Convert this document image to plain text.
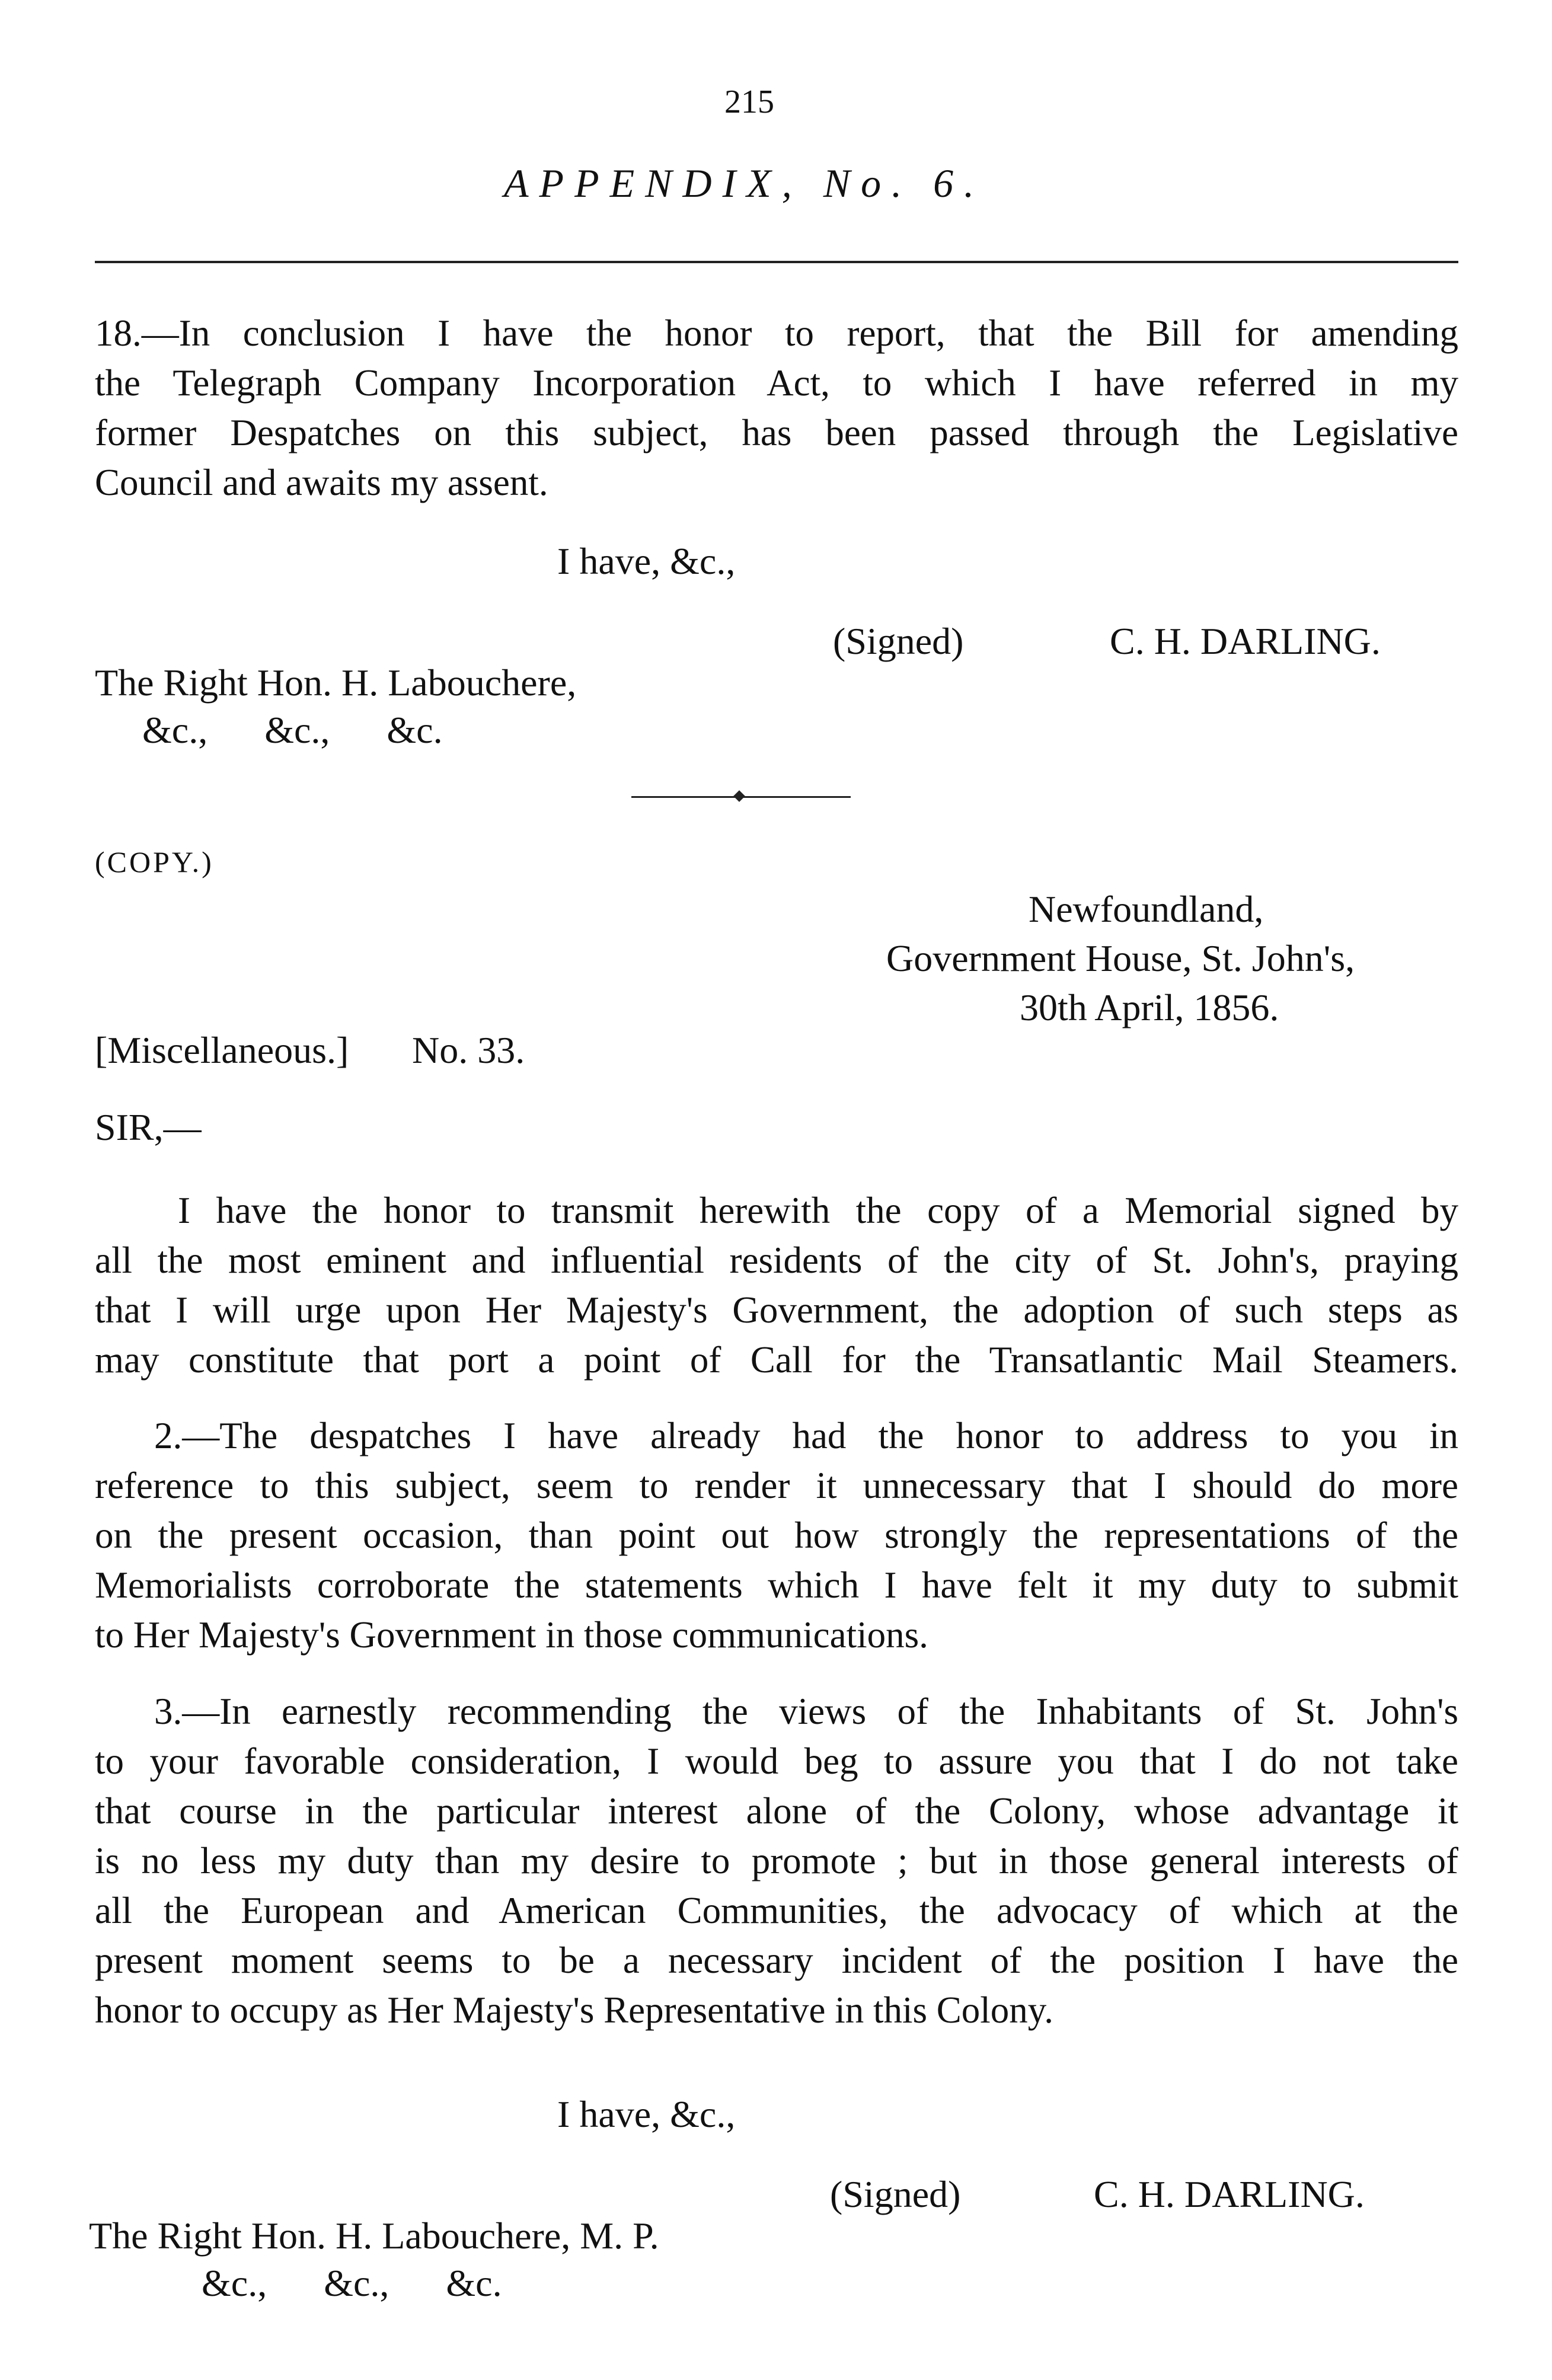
215
APPENDIX, No. 6.
18.—In conclusion I have the honor to report, that the Bill for amending
the Telegraph Company Incorporation Act, to which I have referred in my
former Despatches on this subject, has been passed through the Legislative
Council and awaits my assent.
I have, &c.,
(Signed)	C. H. DARLING.
The Right Hon. H. Labouchere,
&c.,      &c.,      &c.
(COPY.)
Newfoundland,
Government House, St. John's,
30th April, 1856.
[Miscellaneous.] No. 33.
SIR,—
I have the honor to transmit herewith the copy of a Memorial signed by
all the most eminent and influential residents of the city of St. John's, praying
that I will urge upon Her Majesty's Government, the adoption of such steps as
may constitute that port a point of Call for the Transatlantic Mail Steamers.
2.—The despatches I have already had the honor to address to you in
reference to this subject, seem to render it unnecessary that I should do more
on the present occasion, than point out how strongly the representations of the
Memorialists corroborate the statements which I have felt it my duty to submit
to Her Majesty's Government in those communications.
3.—In earnestly recommending the views of the Inhabitants of St. John's
to your favorable consideration, I would beg to assure you that I do not take
that course in the particular interest alone of the Colony, whose advantage it
is no less my duty than my desire to promote ; but in those general interests of
all the European and American Communities, the advocacy of which at the
present moment seems to be a necessary incident of the position I have the
honor to occupy as Her Majesty's Representative in this Colony.
I have, &c.,
(Signed)	C. H. DARLING.
The Right Hon. H. Labouchere, M. P.
&c.,      &c.,      &c.
